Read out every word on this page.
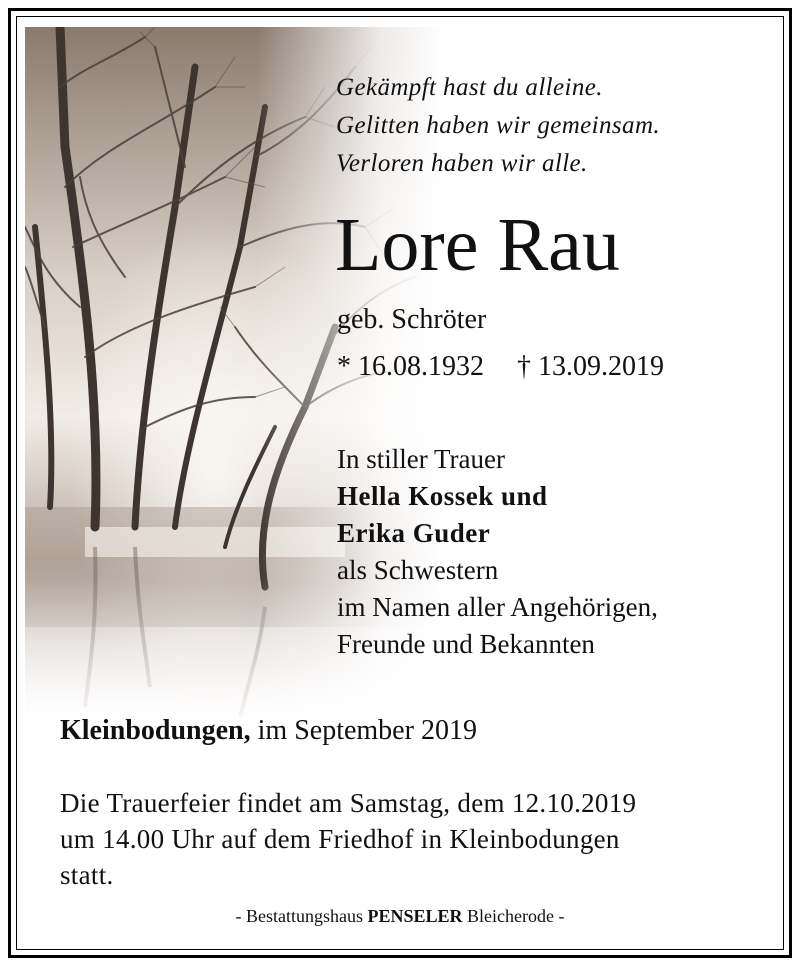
Gekämpft hast du alleine.
Gelitten haben wir gemeinsam.
Verloren haben wir alle.
Lore Rau
geb. Schröter
* 16.08.1932 † 13.09.2019
In stiller Trauer
Hella Kossek und
Erika Guder
als Schwestern
im Namen aller Angehörigen,
Freunde und Bekannten
Kleinbodungen, im September 2019
Die Trauerfeier findet am Samstag, dem 12.10.2019
um 14.00 Uhr auf dem Friedhof in Kleinbodungen
statt.
- Bestattungshaus PENSELER Bleicherode -
